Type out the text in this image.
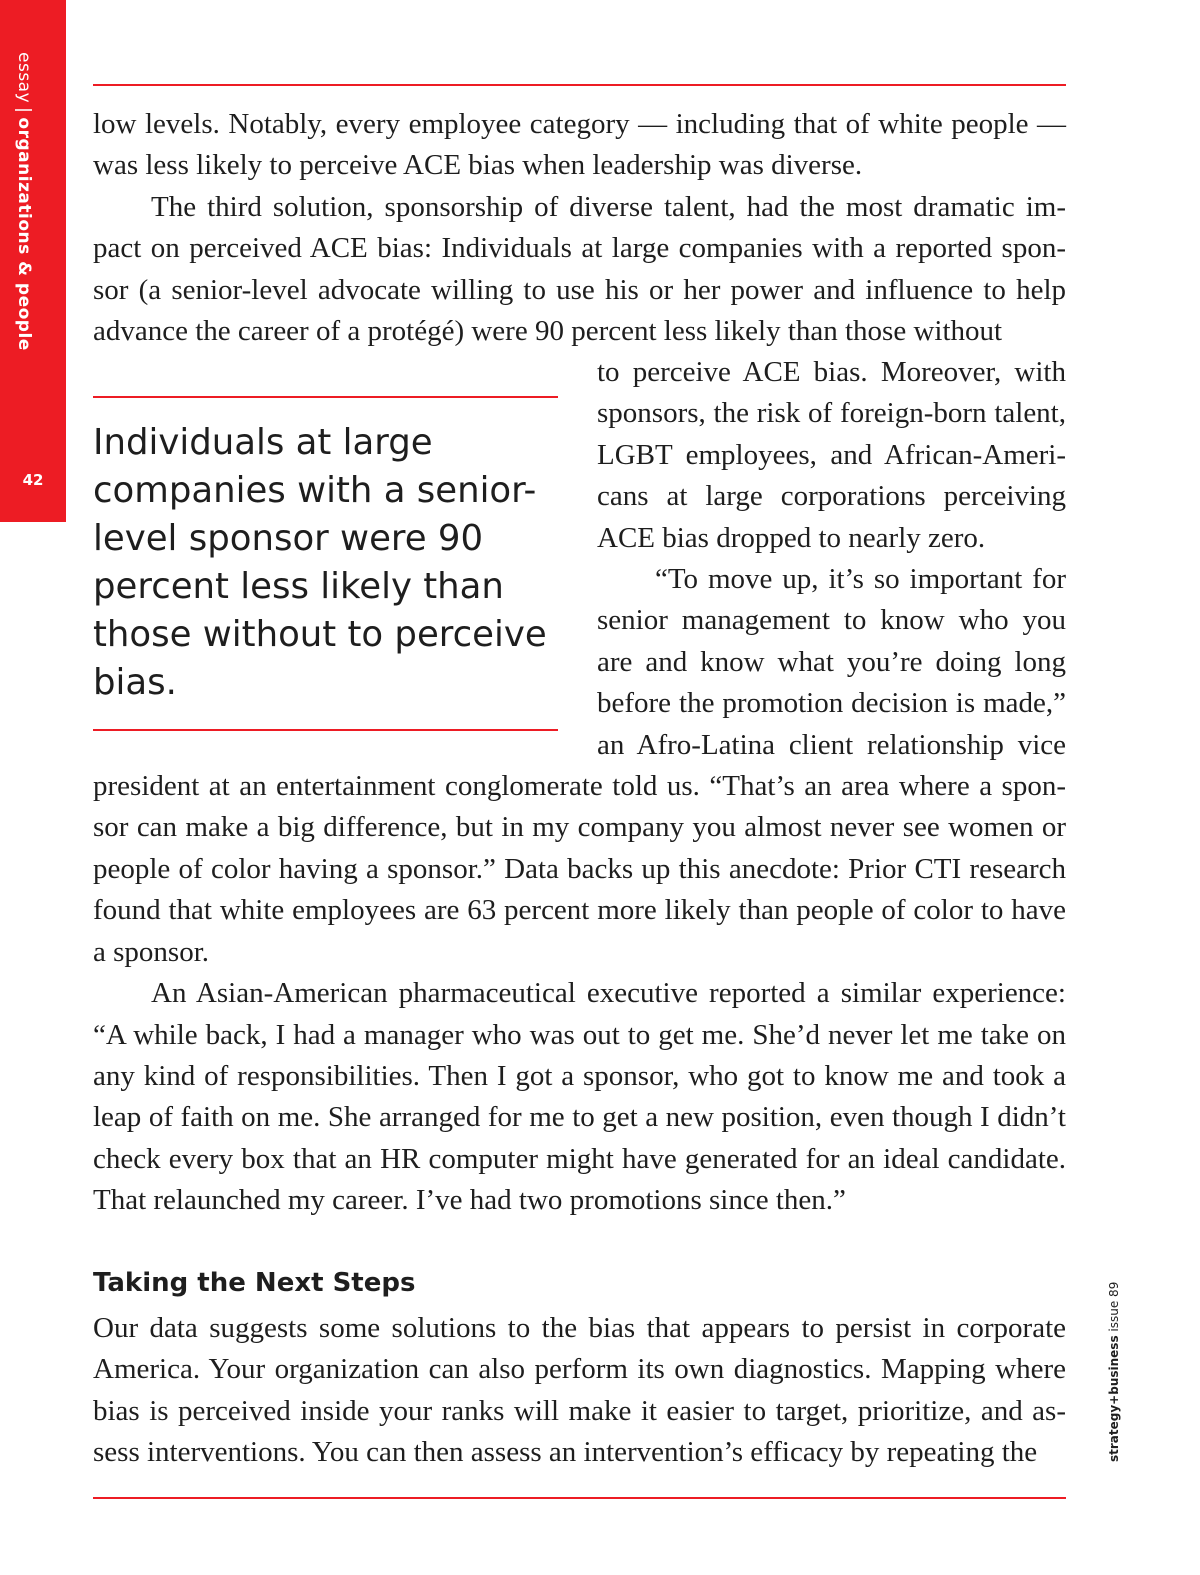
essay|organizations & people
42

low levels. Notably, every employee category — including that of white people — was less likely to perceive ACE bias when leadership was diverse.

The third solution, sponsorship of diverse talent, had the most dramatic im-pact on perceived ACE bias: Individuals at large companies with a reported spon-sor (a senior-level advocate willing to use his or her power and influence to help advance the career of a protégé) were 90 percent less likely than those without

to perceive ACE bias. Moreover, with sponsors, the risk of foreign-born talent, LGBT employees, and African-Ameri-cans at large corporations perceiving ACE bias dropped to nearly zero.

“To move up, it’s so important for senior management to know who you are and know what you’re doing long before the promotion decision is made,” an Afro-Latina client relationship vice president at an entertainment conglomerate told us. “That’s an area where a spon-sor can make a big difference, but in my company you almost never see women or people of color having a sponsor.” Data backs up this anecdote: Prior CTI research found that white employees are 63 percent more likely than people of color to have a sponsor.

An Asian-American pharmaceutical executive reported a similar experience: “A while back, I had a manager who was out to get me. She’d never let me take on any kind of responsibilities. Then I got a sponsor, who got to know me and took a leap of faith on me. She arranged for me to get a new position, even though I didn’t check every box that an HR computer might have generated for an ideal candidate. That relaunched my career. I’ve had two promotions since then.”

Individuals at large companies with a senior-level sponsor were 90 percent less likely than those without to perceive bias.

Taking the Next Steps

Our data suggests some solutions to the bias that appears to persist in corporate America. Your organization can also perform its own diagnostics. Mapping where bias is perceived inside your ranks will make it easier to target, prioritize, and as-sess interventions. You can then assess an intervention’s efficacy by repeating the	strategy+business issue 89
